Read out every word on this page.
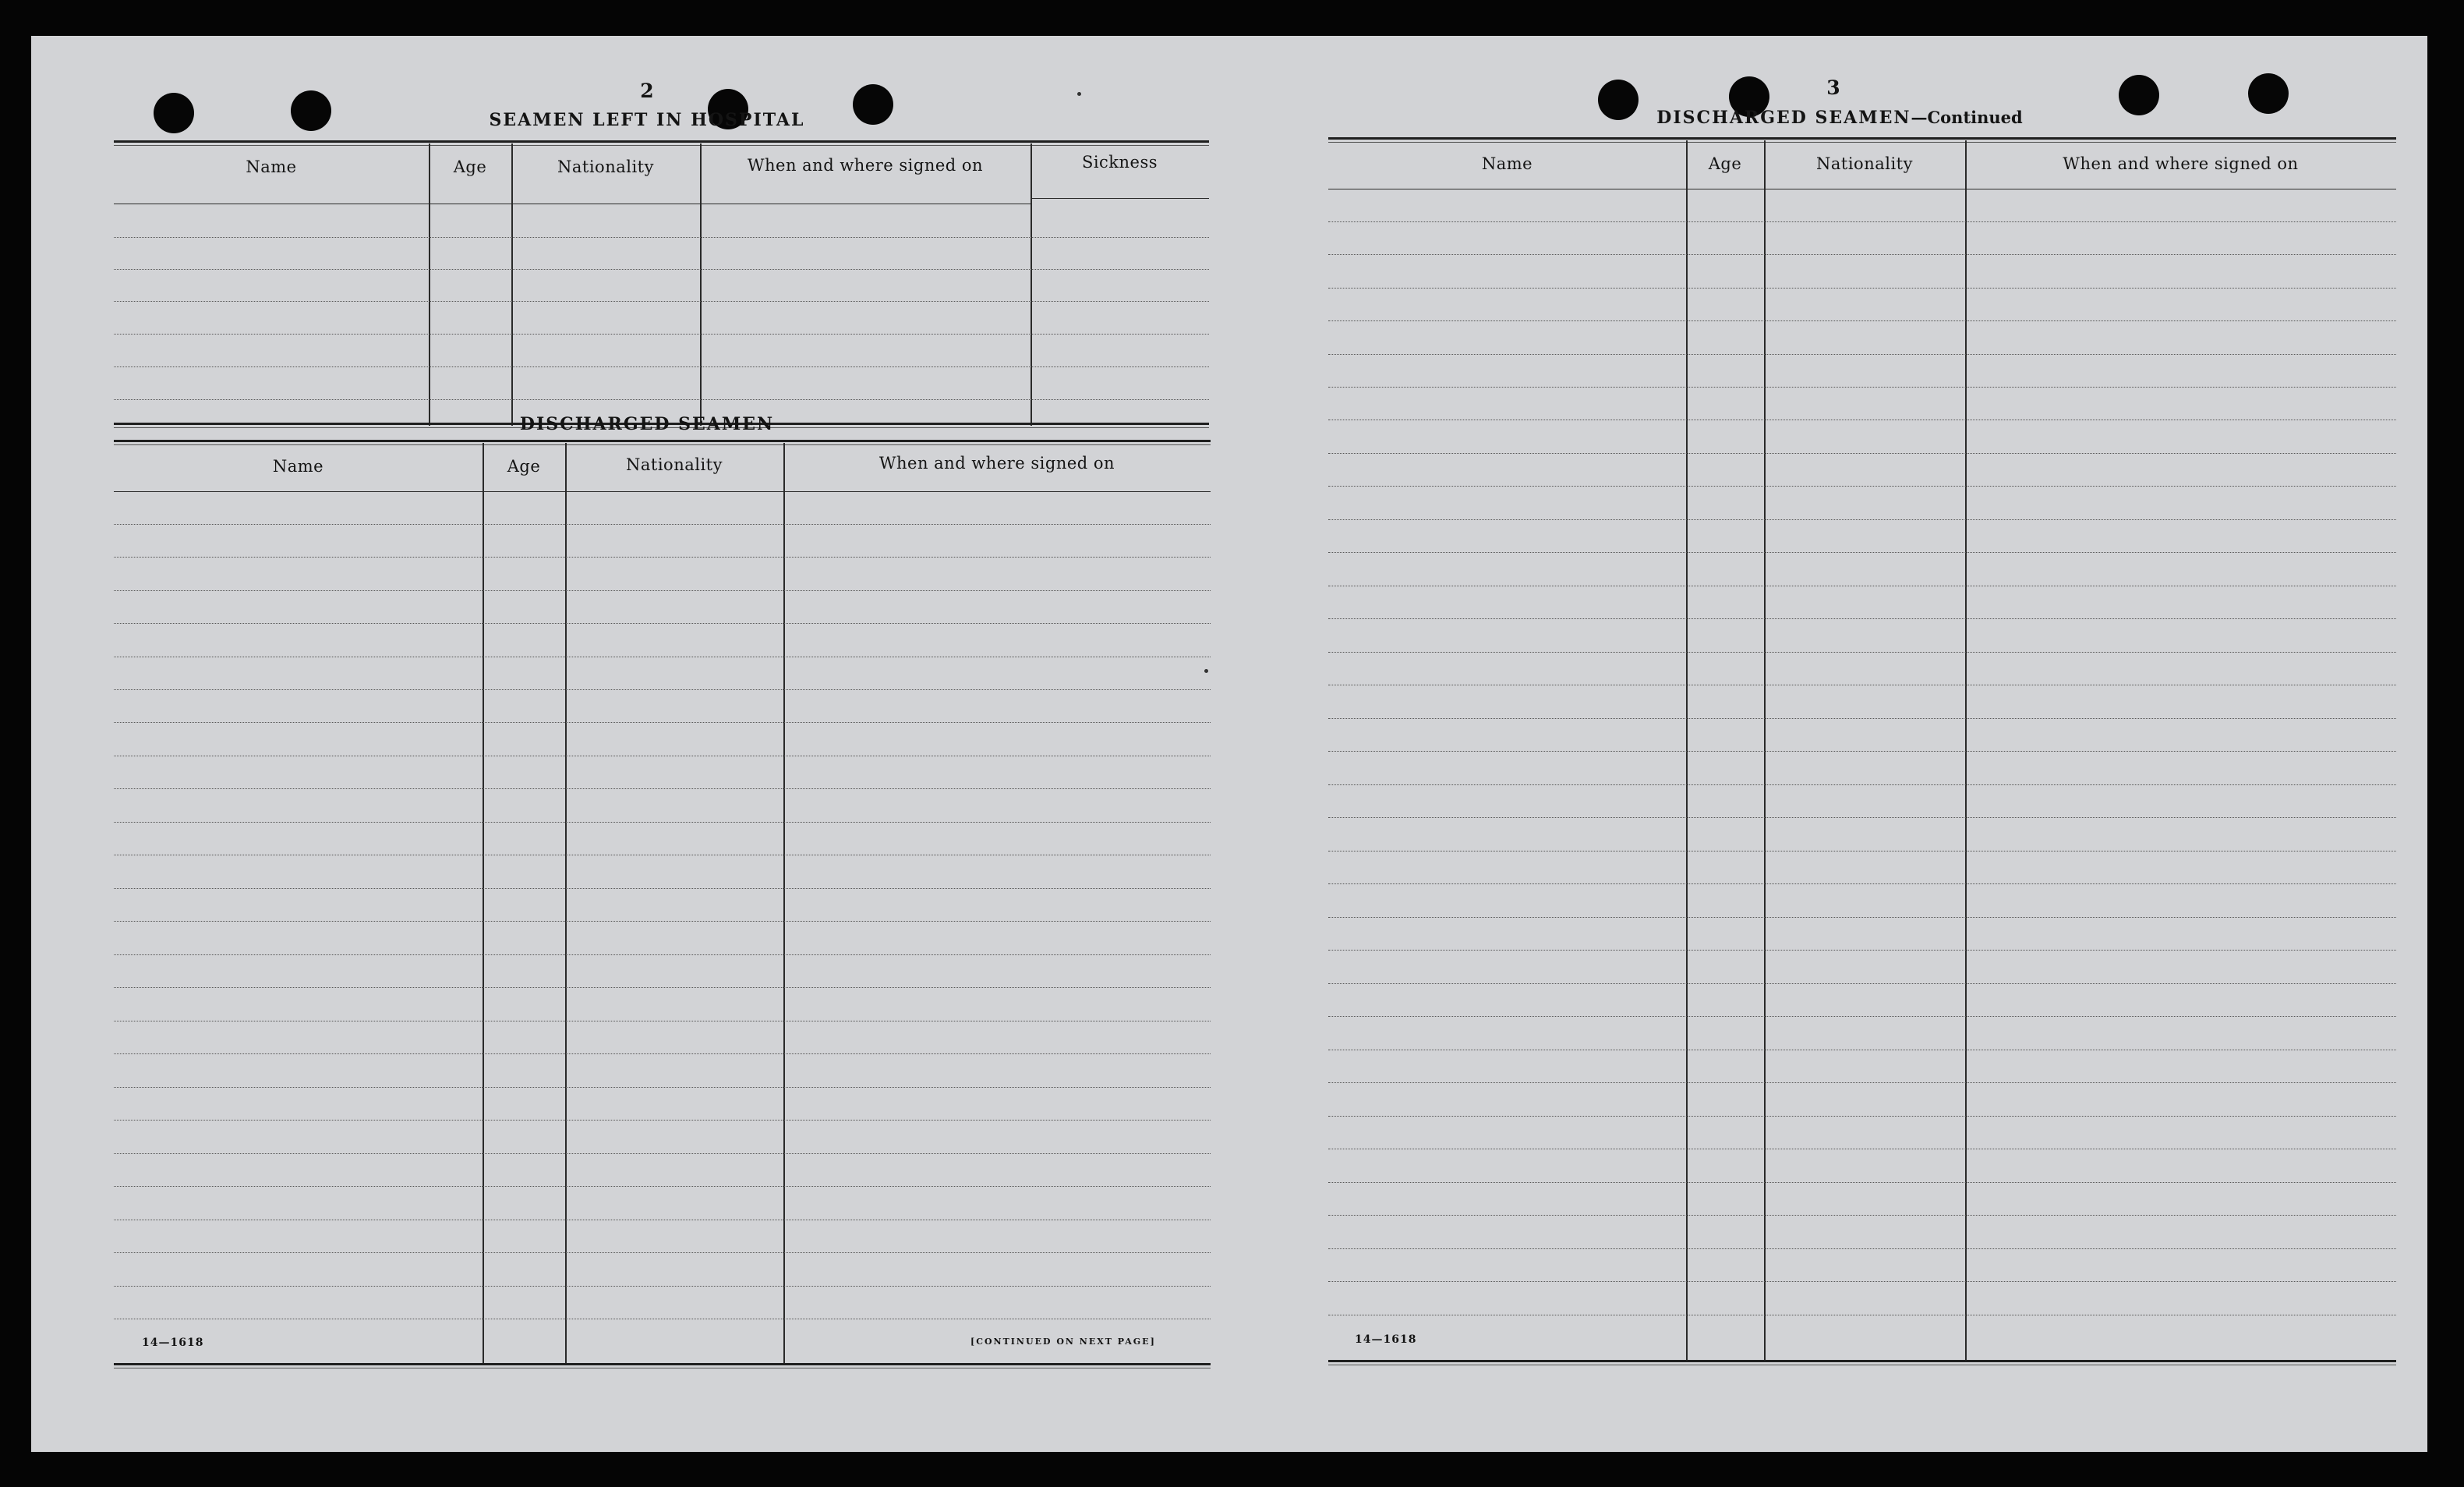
2
SEAMEN LEFT IN HOSPITAL
Name	Age	Nationality	When and where signed on	Sickness
DISCHARGED SEAMEN
Name	Age	Nationality	When and where signed on
14—1618	[CONTINUED ON NEXT PAGE]
3
DISCHARGED SEAMEN—Continued
Name	Age	Nationality	When and where signed on
14—1618
